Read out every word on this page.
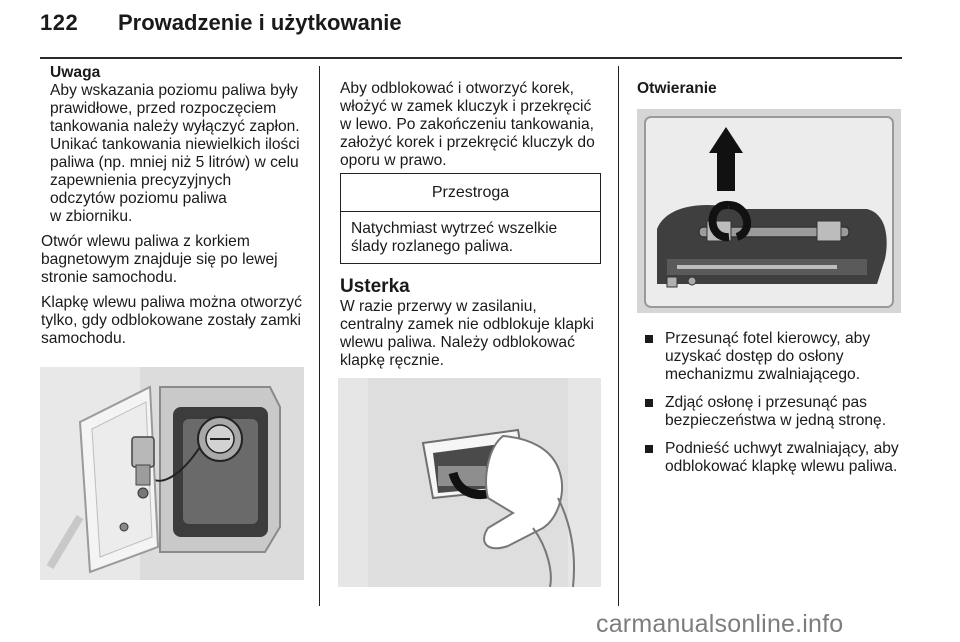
122 Prowadzenie i użytkowanie

Uwaga

Aby wskazania poziomu paliwa były

prawidłowe, przed rozpoczęciem

tankowania należy wyłączyć zapłon.

Unikać tankowania niewielkich ilości

paliwa (np. mniej niż 5 litrów) w celu

zapewnienia precyzyjnych

odczytów poziomu paliwa

w zbiorniku.

Otwór wlewu paliwa z korkiem

bagnetowym znajduje się po lewej

stronie samochodu.

Klapkę wlewu paliwa można otworzyć

tylko, gdy odblokowane zostały zamki

samochodu.

Aby odblokować i otworzyć korek,

włożyć w zamek kluczyk i przekręcić

w lewo. Po zakończeniu tankowania,

założyć korek i przekręcić kluczyk do

oporu w prawo.

Przestroga

Natychmiast wytrzeć wszelkie

ślady rozlanego paliwa.

Usterka

W razie przerwy w zasilaniu,

centralny zamek nie odblokuje klapki

wlewu paliwa. Należy odblokować

klapkę ręcznie.

Otwieranie
Przesunąć fotel kierowcy, aby
uzyskać dostęp do osłony
mechanizmu zwalniającego.
Zdjąć osłonę i przesunąć pas
bezpieczeństwa w jedną stronę.
Podnieść uchwyt zwalniający, aby
odblokować klapkę wlewu paliwa.
carmanualsonline.info
